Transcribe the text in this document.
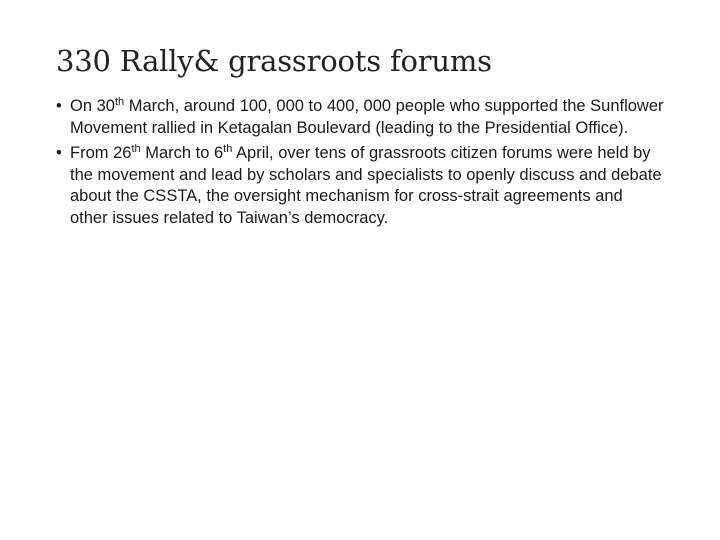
330 Rally& grassroots forums
• On 30th March, around 100, 000 to 400, 000 people who supported the Sunflower Movement rallied in Ketagalan Boulevard (leading to the Presidential Office).
• From 26th March to 6th April, over tens of grassroots citizen forums were held by the movement and lead by scholars and specialists to openly discuss and debate about the CSSTA, the oversight mechanism for cross-strait agreements and other issues related to Taiwan’s democracy.
